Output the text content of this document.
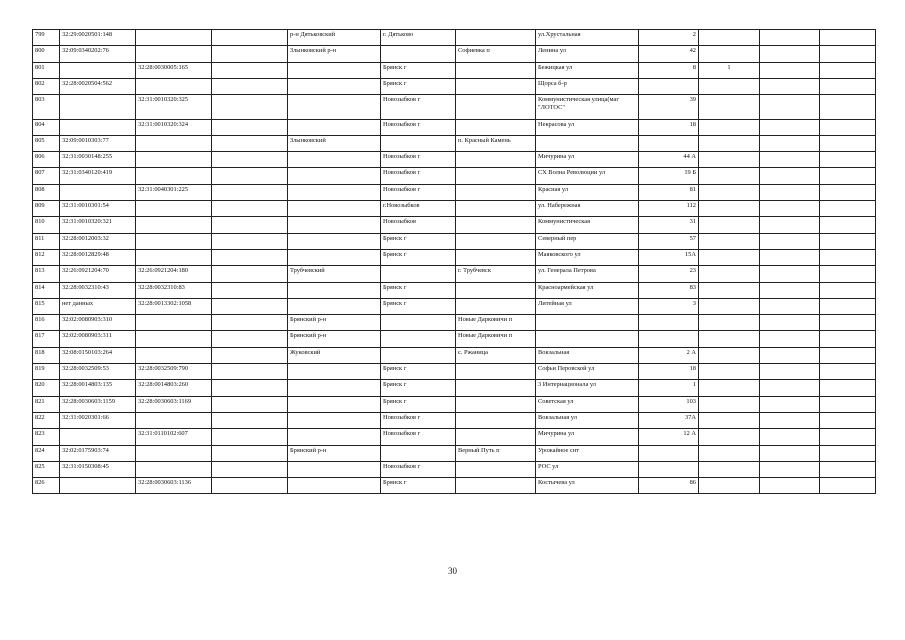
799	32:29:0020501:148			р-н Дятьковский	г. Дятьково		ул.Хрустальная	2			
800	32:09:0340202:76			Злынковский р-н		Софиевка п	Ленина ул	42			
801		32:28:0030005:165			Брянск г		Бежицкая ул	8	1		
802	32:28:0020504:562				Брянск г		Щорса б-р				
803		32:31:0010320:325			Новозыбков г		Коммунистическая улица(маг "ЛОТОС"	39			
804		32:31:0010320:324			Новозыбков г		Некрасова ул	18			
805	32:09:0010303:77			Злынковский		п. Красный Камень					
806	32:31:0030148:255				Новозыбков г		Мичурина ул	44 А			
807	32:31:0340120:419				Новозыбков г		СХ Волна Революции ул	19 Б			
808		32:31:0040301:225			Новозыбков г		Красная ул	81			
809	32:31:0010301:54				г.Новозыбков		ул. Набережная	112			
810	32:31:0010320:321				Новозыбков		Коммунистическая	31			
811	32:28:0012003:32				Брянск г		Северный пер	57			
812	32:28:0012829:48				Брянск г		Маяковского ул	15А			
813	32:26:0921204:70	32:26:0921204:180		Трубчевский		г. Трубчевск	ул. Генерала Петрова	23			
814	32:28:0032310:43	32:28:0032310:83			Брянск г		Красноармейская ул	83			
815	нет данных	32:28:0013302:1058			Брянск г		Литейная ул	3			
816	32:02:0080903:310			Брянский р-н		Новые Дарковичи п					
817	32:02:0080903:311			Брянский р-н		Новые Дарковичи п					
818	32:08:0150103:264			Жуковский		с. Ржаница	Вокзальная	2 А			
819	32:28:0032509:53	32:28:0032509:790			Брянск г		Софьи Перовской ул	18			
820	32:28:0014803:135	32:28:0014803:260			Брянск г		3 Интернационала ул	1			
821	32:28:0030603:1159	32:28:0030603:1169			Брянск г		Советская ул	103			
822	32:31:0020301:66				Новозыбков г		Вокзальная ул	37А			
823		32:31:0110102:607			Новозыбков г		Мичурина ул	12 А			
824	32:02:0175903:74			Брянский р-н		Верный Путь п	Урожайное снт				
825	32:31:0150308:45				Новозыбков г		РОС ул				
826		32:28:0030603:1136			Брянск г		Костычева ул	86			
30
